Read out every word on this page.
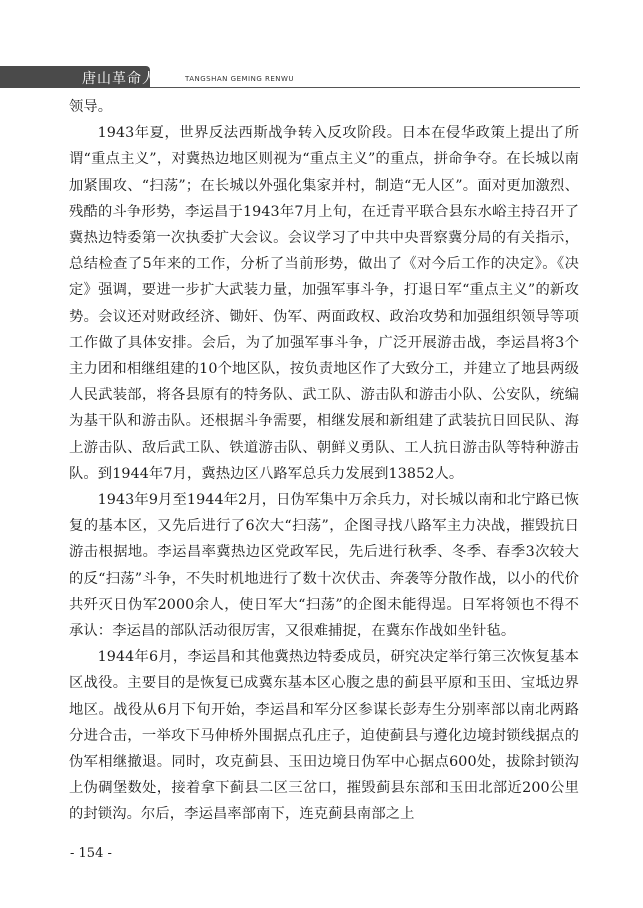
唐山革命人物 TANGSHAN GEMING RENWU

领导。

1943年夏，世界反法西斯战争转入反攻阶段。日本在侵华政策上提出了所谓“重点主义”，对冀热边地区则视为“重点主义”的重点，拼命争夺。在长城以南加紧围攻、“扫荡”；在长城以外强化集家并村，制造“无人区”。面对更加激烈、残酷的斗争形势，李运昌于1943年7月上旬，在迁青平联合县东水峪主持召开了冀热边特委第一次执委扩大会议。会议学习了中共中央晋察冀分局的有关指示，总结检查了5年来的工作，分析了当前形势，做出了《对今后工作的决定》。《决定》强调，要进一步扩大武装力量，加强军事斗争，打退日军“重点主义”的新攻势。会议还对财政经济、锄奸、伪军、两面政权、政治攻势和加强组织领导等项工作做了具体安排。会后，为了加强军事斗争，广泛开展游击战，李运昌将3个主力团和相继组建的10个地区队，按负责地区作了大致分工，并建立了地县两级人民武装部，将各县原有的特务队、武工队、游击队和游击小队、公安队，统编为基干队和游击队。还根据斗争需要，相继发展和新组建了武装抗日回民队、海上游击队、敌后武工队、铁道游击队、朝鲜义勇队、工人抗日游击队等特种游击队。到1944年7月，冀热边区八路军总兵力发展到13852人。

1943年9月至1944年2月，日伪军集中万余兵力，对长城以南和北宁路已恢复的基本区，又先后进行了6次大“扫荡”，企图寻找八路军主力决战，摧毁抗日游击根据地。李运昌率冀热边区党政军民，先后进行秋季、冬季、春季3次较大的反“扫荡”斗争，不失时机地进行了数十次伏击、奔袭等分散作战，以小的代价共歼灭日伪军2000余人，使日军大“扫荡”的企图未能得逞。日军将领也不得不承认：李运昌的部队活动很厉害，又很难捕捉，在冀东作战如坐针毡。

1944年6月，李运昌和其他冀热边特委成员，研究决定举行第三次恢复基本区战役。主要目的是恢复已成冀东基本区心腹之患的蓟县平原和玉田、宝坻边界地区。战役从6月下旬开始，李运昌和军分区参谋长彭寿生分别率部以南北两路分进合击，一举攻下马伸桥外围据点孔庄子，迫使蓟县与遵化边境封锁线据点的伪军相继撤退。同时，攻克蓟县、玉田边境日伪军中心据点600处，拔除封锁沟上伪碉堡数处，接着拿下蓟县二区三岔口，摧毁蓟县东部和玉田北部近200公里的封锁沟。尔后，李运昌率部南下，连克蓟县南部之上

- 154 -
